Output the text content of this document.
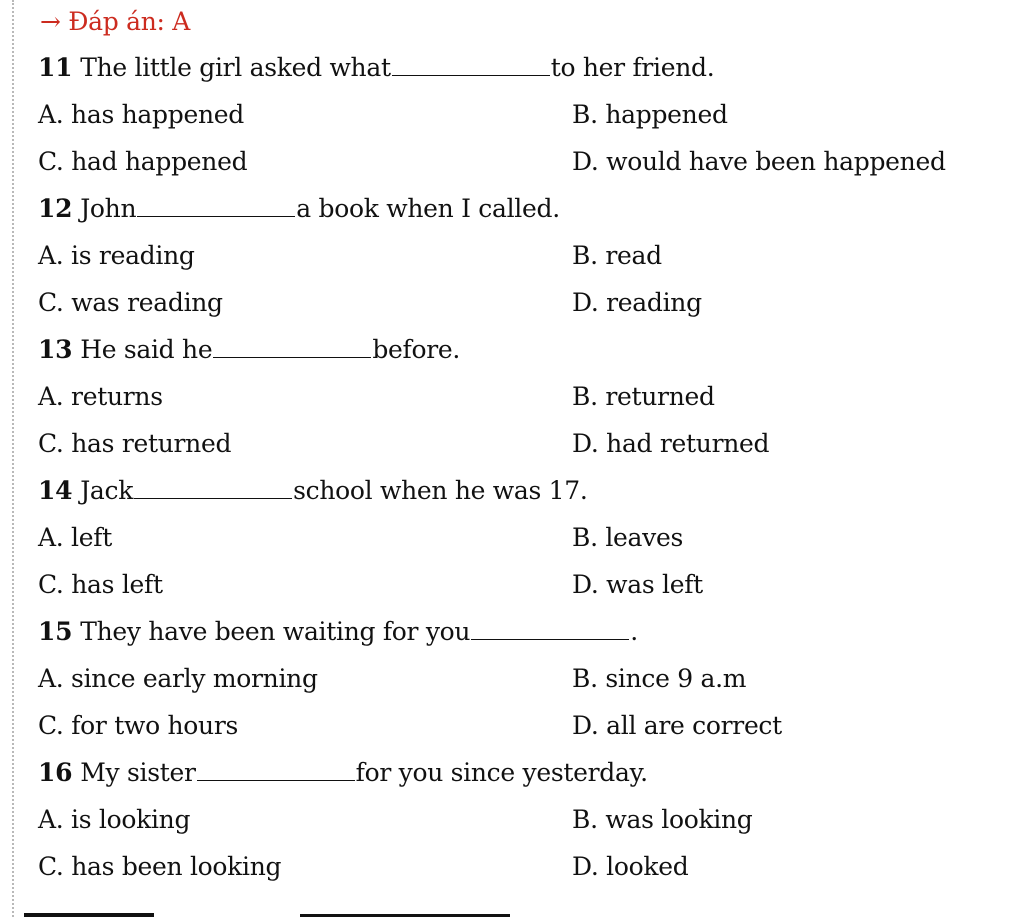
→ Đáp án: A
11 The little girl asked what	to her friend.
A. has happened	B. happened
C. had happened	D. would have been happened
12 John	a book when I called.
A. is reading	B. read
C. was reading	D. reading
13 He said he	before.
A. returns	B. returned
C. has returned	D. had returned
14 Jack	school when he was 17.
A. left	B. leaves
C. has left	D. was left
15 They have been waiting for you	.
A. since early morning	B. since 9 a.m
C. for two hours	D. all are correct
16 My sister	for you since yesterday.
A. is looking	B. was looking
C. has been looking	D. looked
